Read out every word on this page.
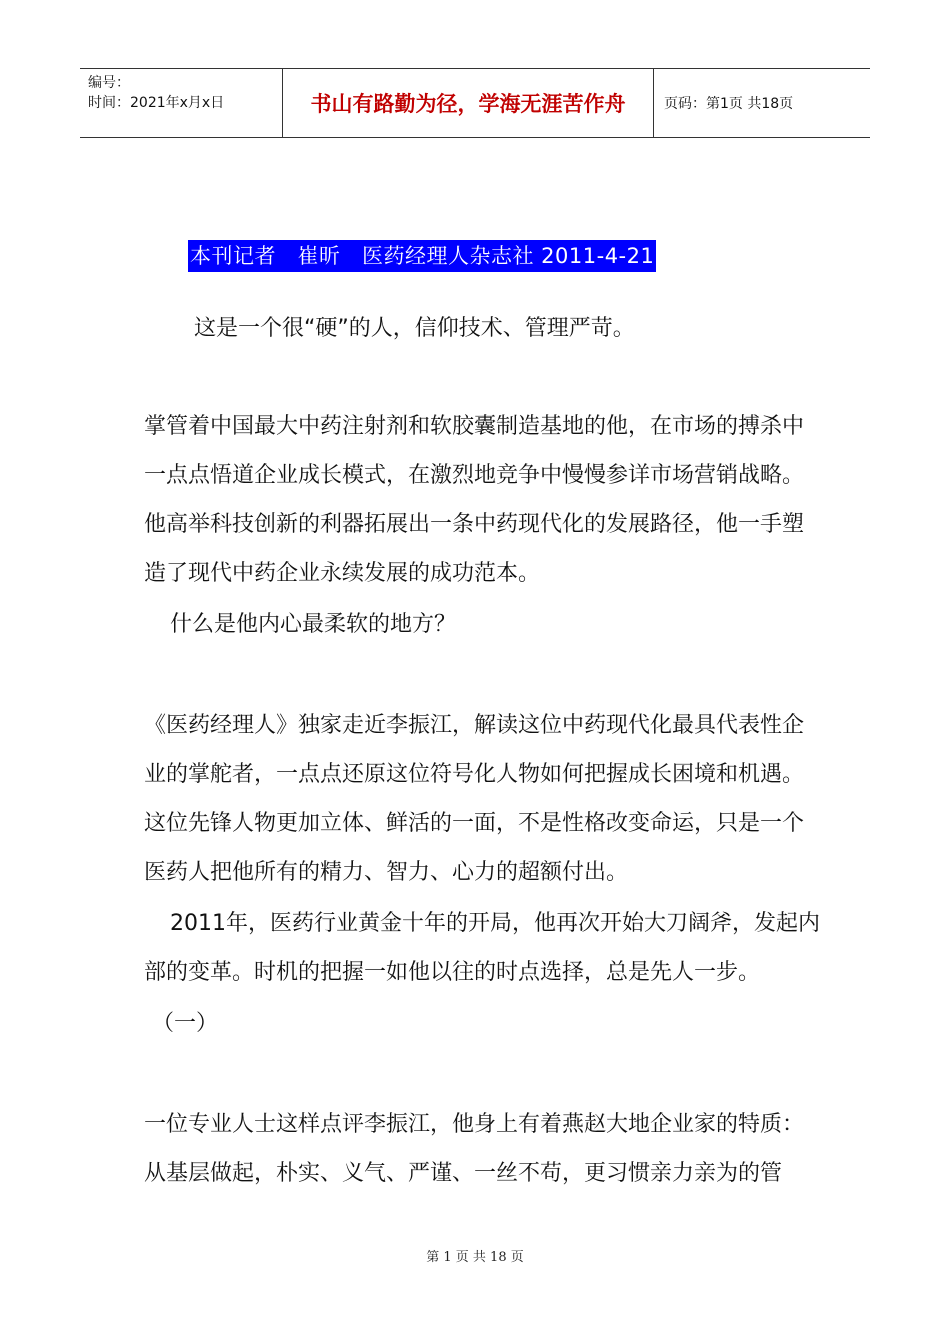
编号：
时间：2021年x月x日	书山有路勤为径，学海无涯苦作舟	页码：第1页 共18页
本刊记者　崔昕　医药经理人杂志社 2011-4-21

这是一个很“硬”的人，信仰技术、管理严苛。

掌管着中国最大中药注射剂和软胶囊制造基地的他，在市场的搏杀中一点点悟道企业成长模式，在激烈地竞争中慢慢参详市场营销战略。他高举科技创新的利器拓展出一条中药现代化的发展路径，他一手塑造了现代中药企业永续发展的成功范本。

什么是他内心最柔软的地方？

《医药经理人》独家走近李振江，解读这位中药现代化最具代表性企业的掌舵者，一点点还原这位符号化人物如何把握成长困境和机遇。这位先锋人物更加立体、鲜活的一面，不是性格改变命运，只是一个医药人把他所有的精力、智力、心力的超额付出。

2011年，医药行业黄金十年的开局，他再次开始大刀阔斧，发起内部的变革。时机的把握一如他以往的时点选择，总是先人一步。

（一）

一位专业人士这样点评李振江，他身上有着燕赵大地企业家的特质：从基层做起，朴实、义气、严谨、一丝不苟，更习惯亲力亲为的管

第 1 页 共 18 页
